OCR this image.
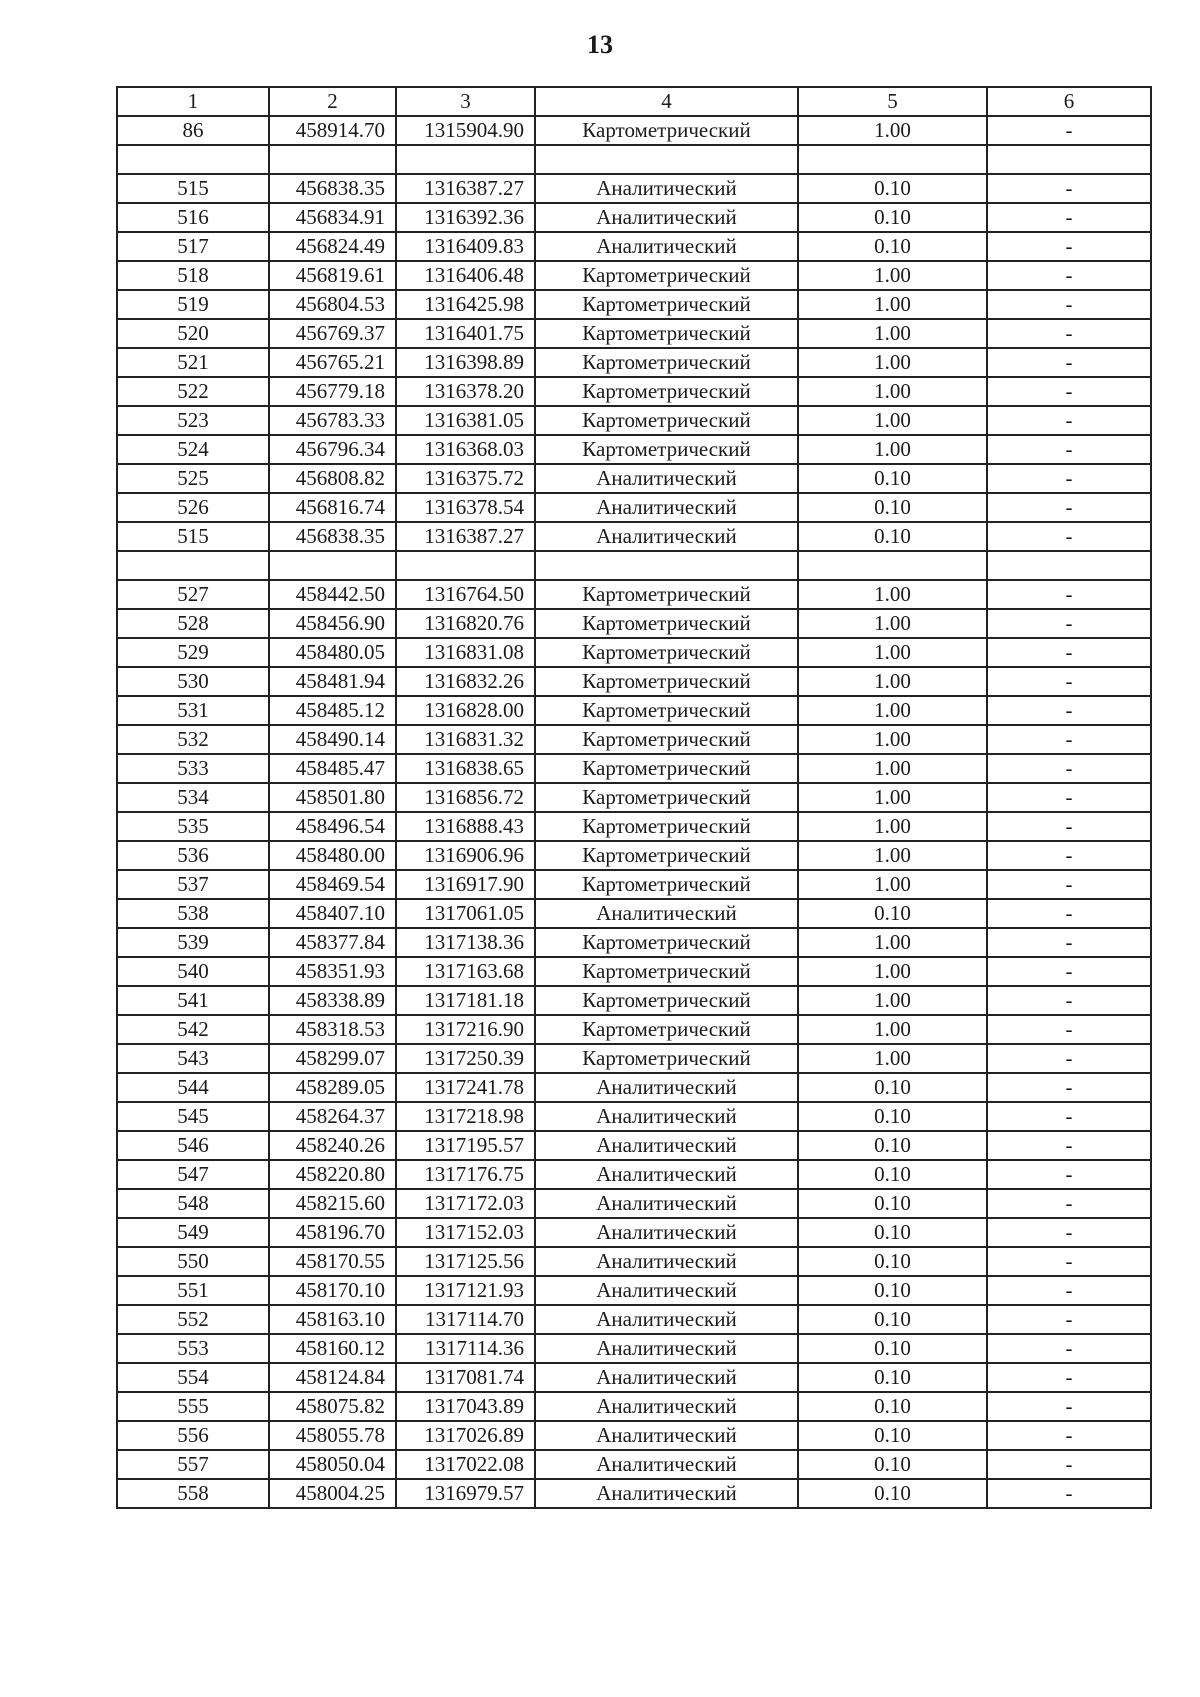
13
1	2	3	4	5	6
86	458914.70	1315904.90	Картометрический	1.00	-

515	456838.35	1316387.27	Аналитический	0.10	-
516	456834.91	1316392.36	Аналитический	0.10	-
517	456824.49	1316409.83	Аналитический	0.10	-
518	456819.61	1316406.48	Картометрический	1.00	-
519	456804.53	1316425.98	Картометрический	1.00	-
520	456769.37	1316401.75	Картометрический	1.00	-
521	456765.21	1316398.89	Картометрический	1.00	-
522	456779.18	1316378.20	Картометрический	1.00	-
523	456783.33	1316381.05	Картометрический	1.00	-
524	456796.34	1316368.03	Картометрический	1.00	-
525	456808.82	1316375.72	Аналитический	0.10	-
526	456816.74	1316378.54	Аналитический	0.10	-
515	456838.35	1316387.27	Аналитический	0.10	-

527	458442.50	1316764.50	Картометрический	1.00	-
528	458456.90	1316820.76	Картометрический	1.00	-
529	458480.05	1316831.08	Картометрический	1.00	-
530	458481.94	1316832.26	Картометрический	1.00	-
531	458485.12	1316828.00	Картометрический	1.00	-
532	458490.14	1316831.32	Картометрический	1.00	-
533	458485.47	1316838.65	Картометрический	1.00	-
534	458501.80	1316856.72	Картометрический	1.00	-
535	458496.54	1316888.43	Картометрический	1.00	-
536	458480.00	1316906.96	Картометрический	1.00	-
537	458469.54	1316917.90	Картометрический	1.00	-
538	458407.10	1317061.05	Аналитический	0.10	-
539	458377.84	1317138.36	Картометрический	1.00	-
540	458351.93	1317163.68	Картометрический	1.00	-
541	458338.89	1317181.18	Картометрический	1.00	-
542	458318.53	1317216.90	Картометрический	1.00	-
543	458299.07	1317250.39	Картометрический	1.00	-
544	458289.05	1317241.78	Аналитический	0.10	-
545	458264.37	1317218.98	Аналитический	0.10	-
546	458240.26	1317195.57	Аналитический	0.10	-
547	458220.80	1317176.75	Аналитический	0.10	-
548	458215.60	1317172.03	Аналитический	0.10	-
549	458196.70	1317152.03	Аналитический	0.10	-
550	458170.55	1317125.56	Аналитический	0.10	-
551	458170.10	1317121.93	Аналитический	0.10	-
552	458163.10	1317114.70	Аналитический	0.10	-
553	458160.12	1317114.36	Аналитический	0.10	-
554	458124.84	1317081.74	Аналитический	0.10	-
555	458075.82	1317043.89	Аналитический	0.10	-
556	458055.78	1317026.89	Аналитический	0.10	-
557	458050.04	1317022.08	Аналитический	0.10	-
558	458004.25	1316979.57	Аналитический	0.10	-
